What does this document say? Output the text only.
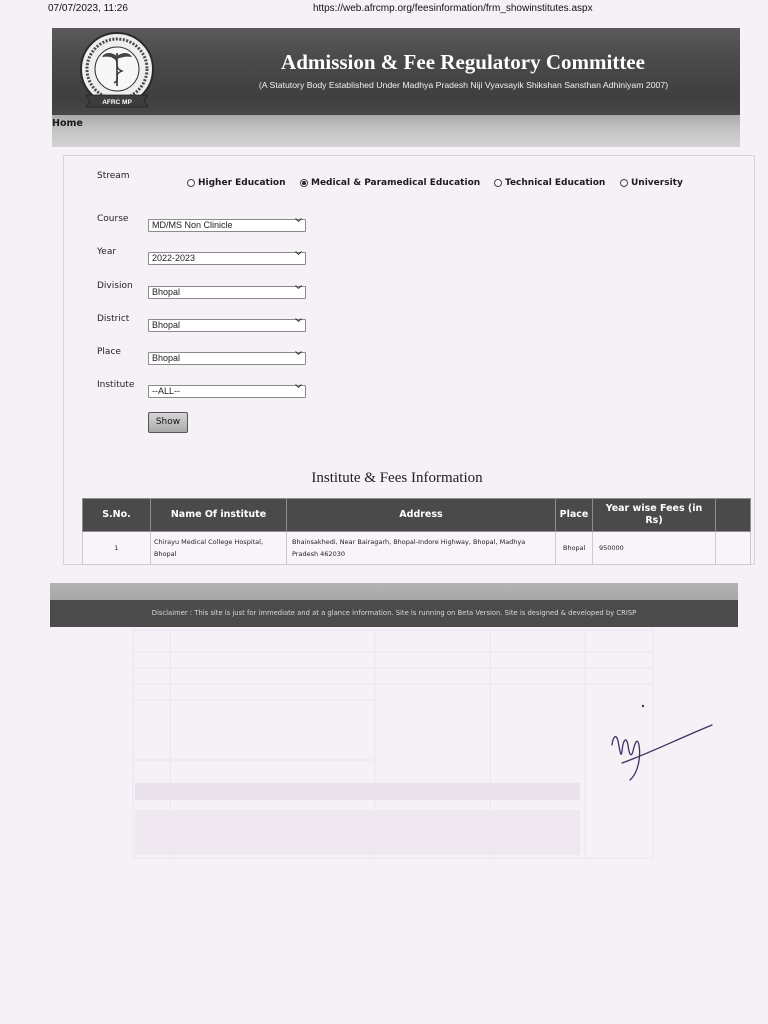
07/07/2023, 11:26	https://web.afrcmp.org/feesinformation/frm_showinstitutes.aspx
AFRC MP
Admission & Fee Regulatory Committee
(A Statutory Body Established Under Madhya Pradesh Niji Vyavsayik Shikshan Sansthan Adhiniyam 2007)
Home
Stream
Higher Education	Medical & Paramedical Education	Technical Education	University
Course
MD/MS Non Clinicle
Year
2022-2023
Division
Bhopal
District
Bhopal
Place
Bhopal
Institute
--ALL--
Show
Institute & Fees Information
S.No.	Name Of institute	Address	Place	Year wise Fees (in Rs)	
1	Chirayu Medical College Hospital, Bhopal	Bhainsakhedi, Near Bairagarh, Bhopal-Indore Highway, Bhopal, Madhya Pradesh 462030	Bhopal	950000	
Disclaimer : This site is just for immediate and at a glance information. Site is running on Beta Version. Site is designed & developed by CRISP
